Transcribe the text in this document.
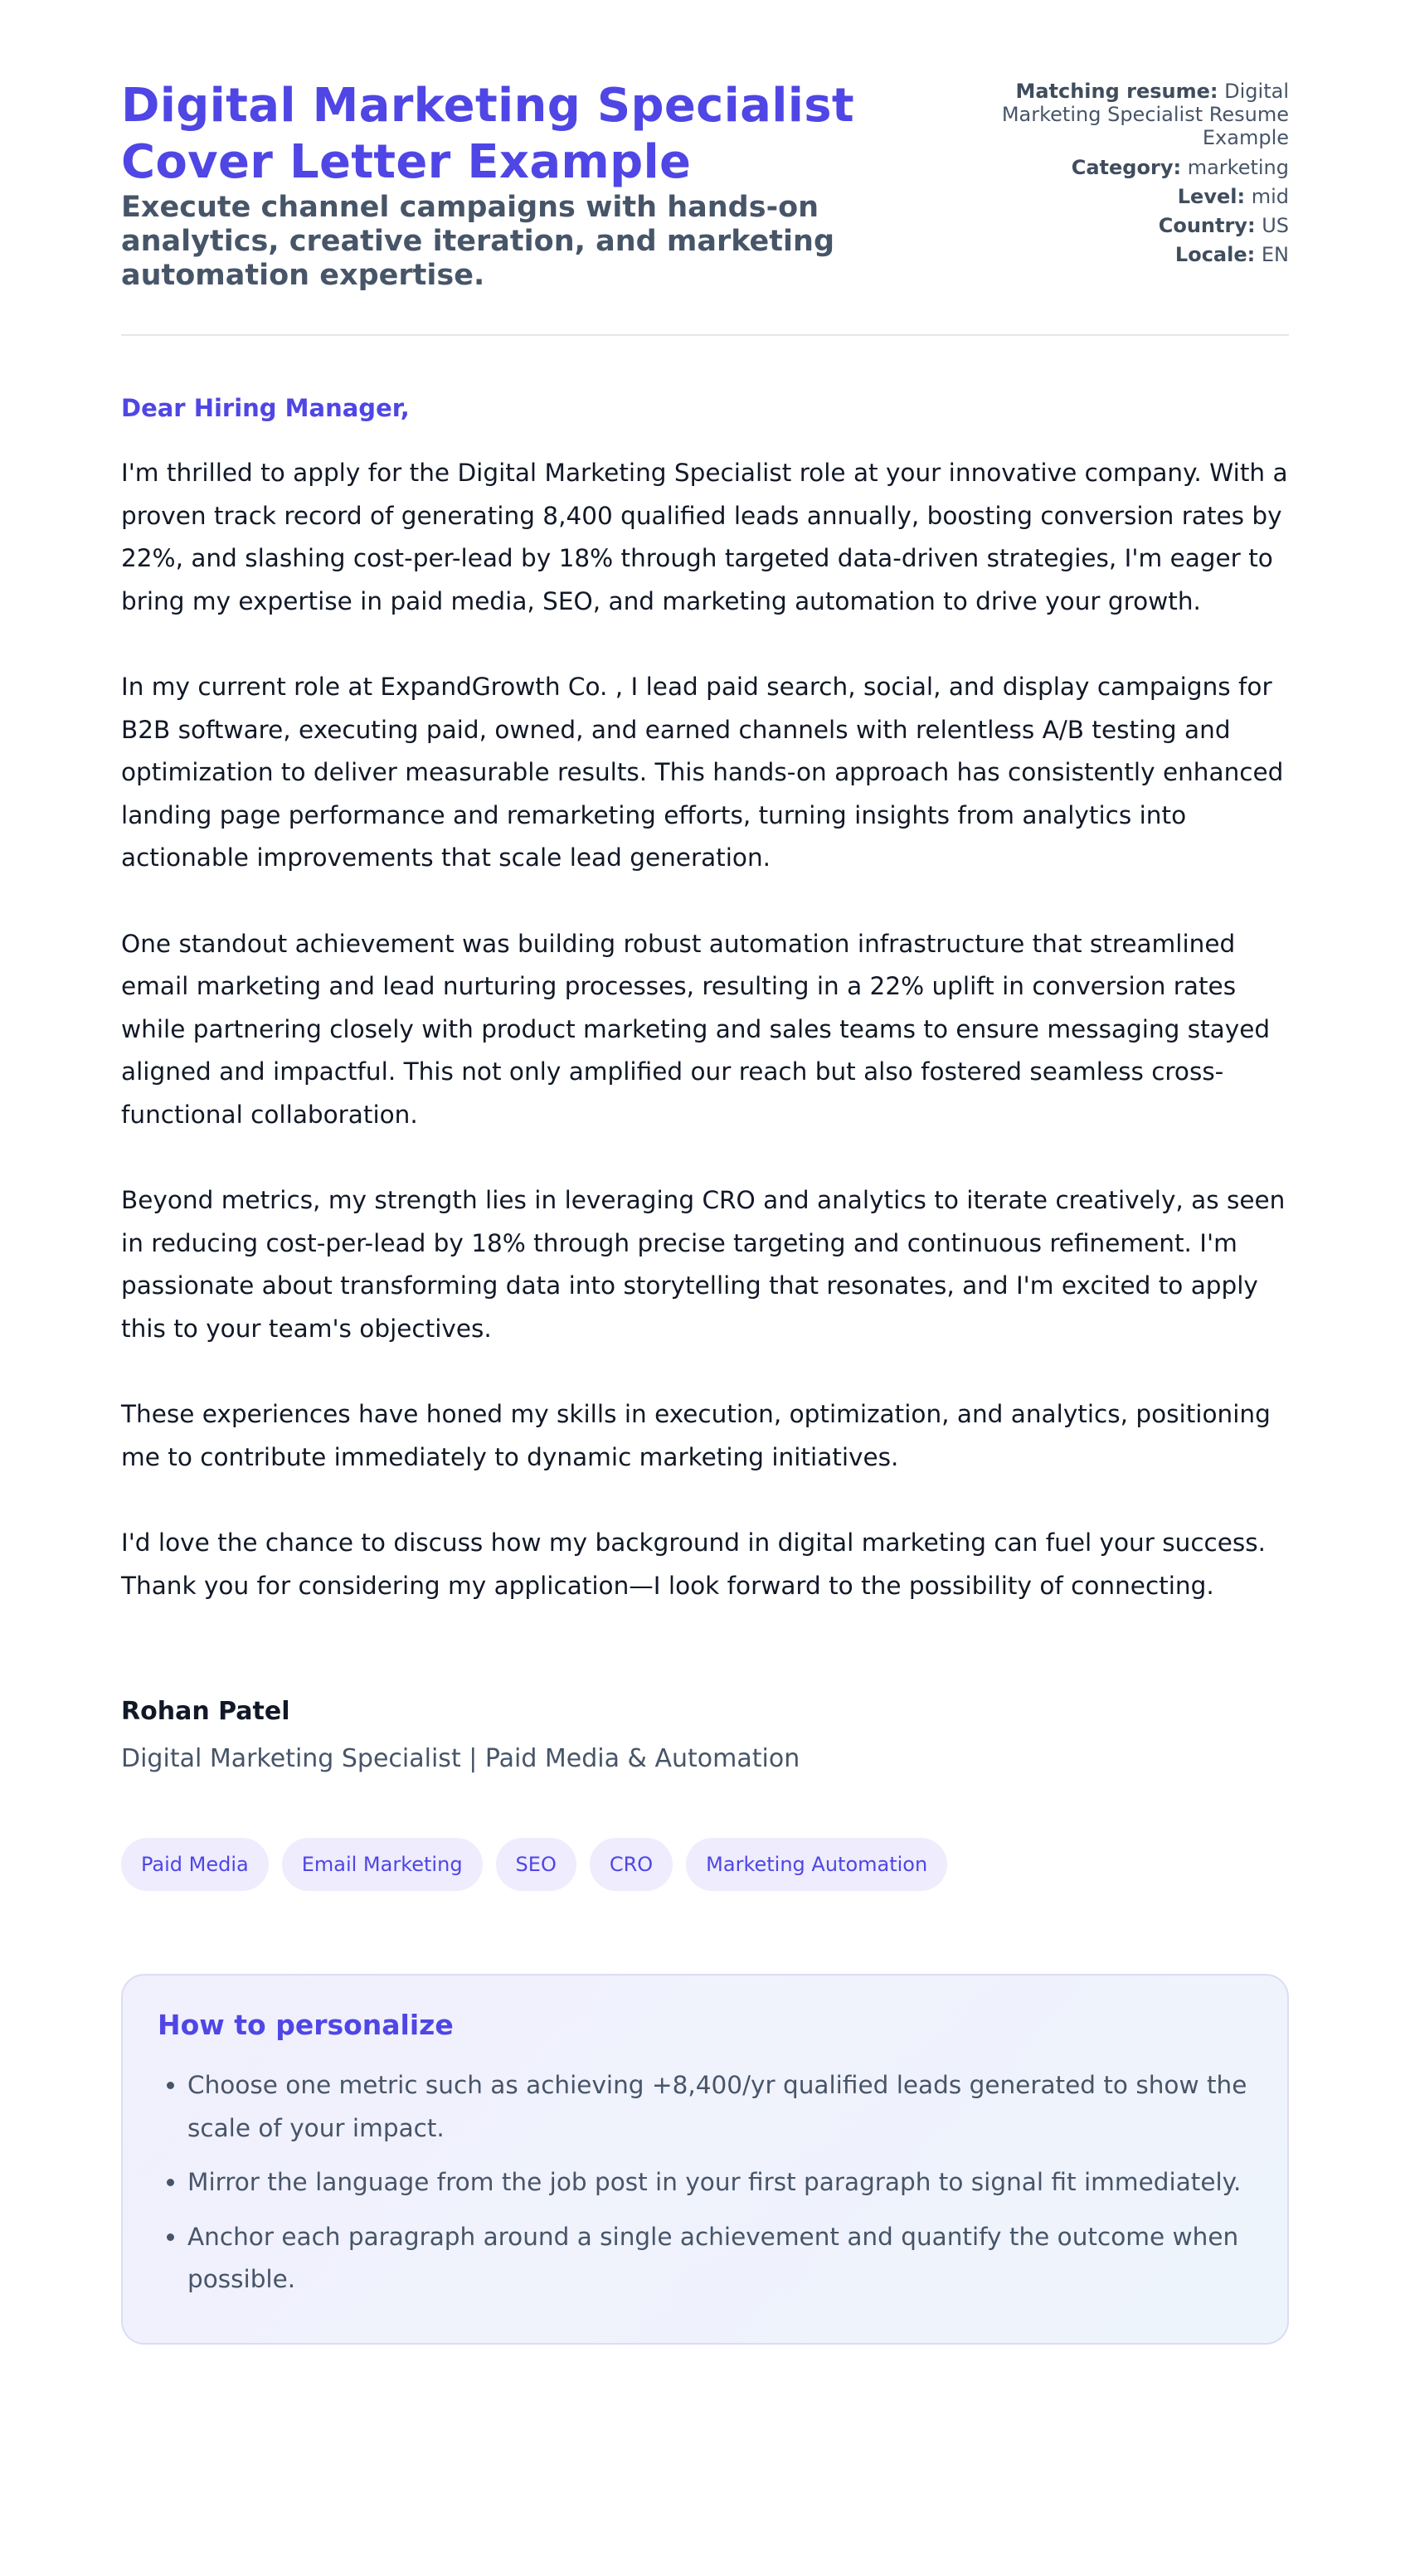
Digital Marketing Specialist Cover Letter Example
Execute channel campaigns with hands-on analytics, creative iteration, and marketing automation expertise.
Matching resume: Digital Marketing Specialist Resume Example
Category: marketing
Level: mid
Country: US
Locale: EN
Dear Hiring Manager,

I'm thrilled to apply for the Digital Marketing Specialist role at your innovative company. With a proven track record of generating 8,400 qualified leads annually, boosting conversion rates by 22%, and slashing cost-per-lead by 18% through targeted data-driven strategies, I'm eager to bring my expertise in paid media, SEO, and marketing automation to drive your growth.

In my current role at ExpandGrowth Co. , I lead paid search, social, and display campaigns for B2B software, executing paid, owned, and earned channels with relentless A/B testing and optimization to deliver measurable results. This hands-on approach has consistently enhanced landing page performance and remarketing efforts, turning insights from analytics into actionable improvements that scale lead generation.

One standout achievement was building robust automation infrastructure that streamlined email marketing and lead nurturing processes, resulting in a 22% uplift in conversion rates while partnering closely with product marketing and sales teams to ensure messaging stayed aligned and impactful. This not only amplified our reach but also fostered seamless cross-functional collaboration.

Beyond metrics, my strength lies in leveraging CRO and analytics to iterate creatively, as seen in reducing cost-per-lead by 18% through precise targeting and continuous refinement. I'm passionate about transforming data into storytelling that resonates, and I'm excited to apply this to your team's objectives.

These experiences have honed my skills in execution, optimization, and analytics, positioning me to contribute immediately to dynamic marketing initiatives.

I'd love the chance to discuss how my background in digital marketing can fuel your success. Thank you for considering my application—I look forward to the possibility of connecting.

Rohan Patel
Digital Marketing Specialist | Paid Media & Automation
Paid Media	Email Marketing	SEO	CRO	Marketing Automation
How to personalize
• Choose one metric such as achieving +8,400/yr qualified leads generated to show the scale of your impact.
• Mirror the language from the job post in your first paragraph to signal fit immediately.
• Anchor each paragraph around a single achievement and quantify the outcome when possible.
